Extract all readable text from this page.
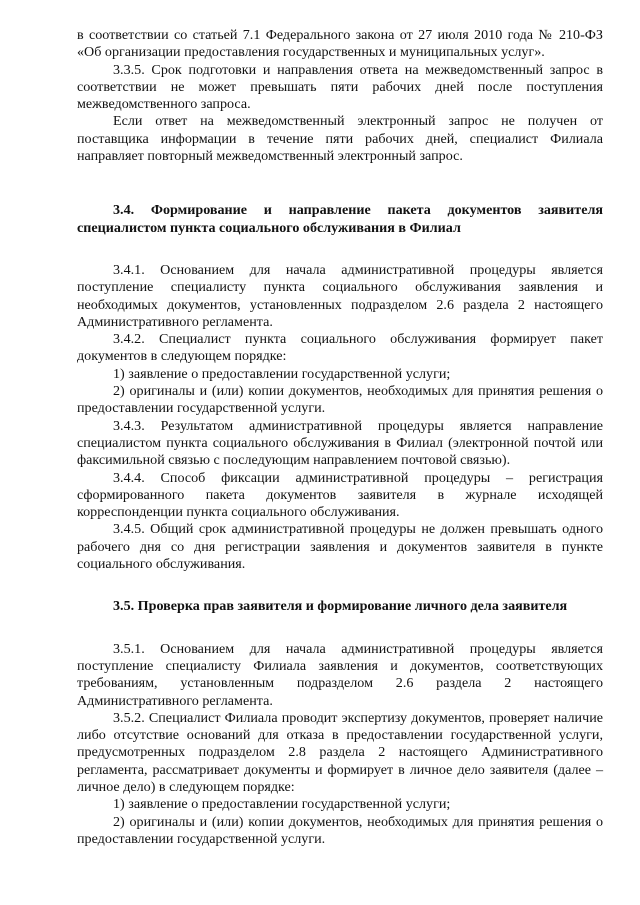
в соответствии со статьей 7.1 Федерального закона от 27 июля 2010 года № 210-ФЗ «Об организации предоставления государственных и муниципальных услуг».

3.3.5. Срок подготовки и направления ответа на межведомственный запрос в соответствии не может превышать пяти рабочих дней после поступления межведомственного запроса.

Если ответ на межведомственный электронный запрос не получен от поставщика информации в течение пяти рабочих дней, специалист Филиала направляет повторный межведомственный электронный запрос.

3.4. Формирование и направление пакета документов заявителя специалистом пункта социального обслуживания в Филиал

3.4.1. Основанием для начала административной процедуры является поступление специалисту пункта социального обслуживания заявления и необходимых документов, установленных подразделом 2.6 раздела 2 настоящего Административного регламента.

3.4.2. Специалист пункта социального обслуживания формирует пакет документов в следующем порядке:

1) заявление о предоставлении государственной услуги;

2) оригиналы и (или) копии документов, необходимых для принятия решения о предоставлении государственной услуги.

3.4.3. Результатом административной процедуры является направление специалистом пункта социального обслуживания в Филиал (электронной почтой или факсимильной связью с последующим направлением почтовой связью).

3.4.4. Способ фиксации административной процедуры – регистрация сформированного пакета документов заявителя в журнале исходящей корреспонденции пункта социального обслуживания.

3.4.5. Общий срок административной процедуры не должен превышать одного рабочего дня со дня регистрации заявления и документов заявителя в пункте социального обслуживания.

3.5. Проверка прав заявителя и формирование личного дела заявителя

3.5.1. Основанием для начала административной процедуры является поступление специалисту Филиала заявления и документов, соответствующих требованиям, установленным подразделом 2.6 раздела 2 настоящего Административного регламента.

3.5.2. Специалист Филиала проводит экспертизу документов, проверяет наличие либо отсутствие оснований для отказа в предоставлении государственной услуги, предусмотренных подразделом 2.8 раздела 2 настоящего Административного регламента, рассматривает документы и формирует в личное дело заявителя (далее – личное дело) в следующем порядке:

1) заявление о предоставлении государственной услуги;

2) оригиналы и (или) копии документов, необходимых для принятия решения о предоставлении государственной услуги.
